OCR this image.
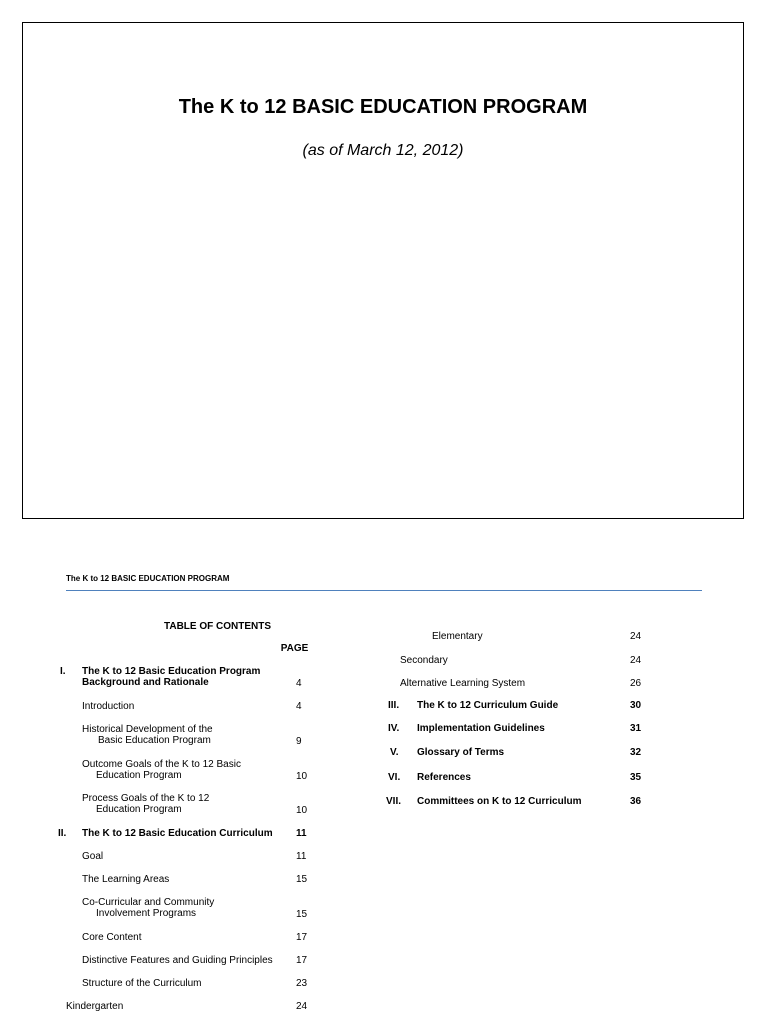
The K to 12 BASIC EDUCATION PROGRAM
(as of March 12, 2012)
The K to 12 BASIC EDUCATION PROGRAM
TABLE OF CONTENTS
PAGE
I. The K to 12 Basic Education Program
Background and Rationale	4
Introduction	4
Historical Development of the
Basic Education Program	9
Outcome Goals of the K to 12 Basic
Education Program	10
Process Goals of the K to 12
Education Program	10
II. The K to 12 Basic Education Curriculum 11
Goal	11
The Learning Areas	15
Co-Curricular and Community
Involvement Programs	15
Core Content	17
Distinctive Features and Guiding Principles 17
Structure of the Curriculum	23
Kindergarten	24
Elementary	24
Secondary	24
Alternative Learning System	26
III. The K to 12 Curriculum Guide	30
IV. Implementation Guidelines	31
V. Glossary of Terms	32
VI. References	35
VII. Committees on K to 12 Curriculum	36
